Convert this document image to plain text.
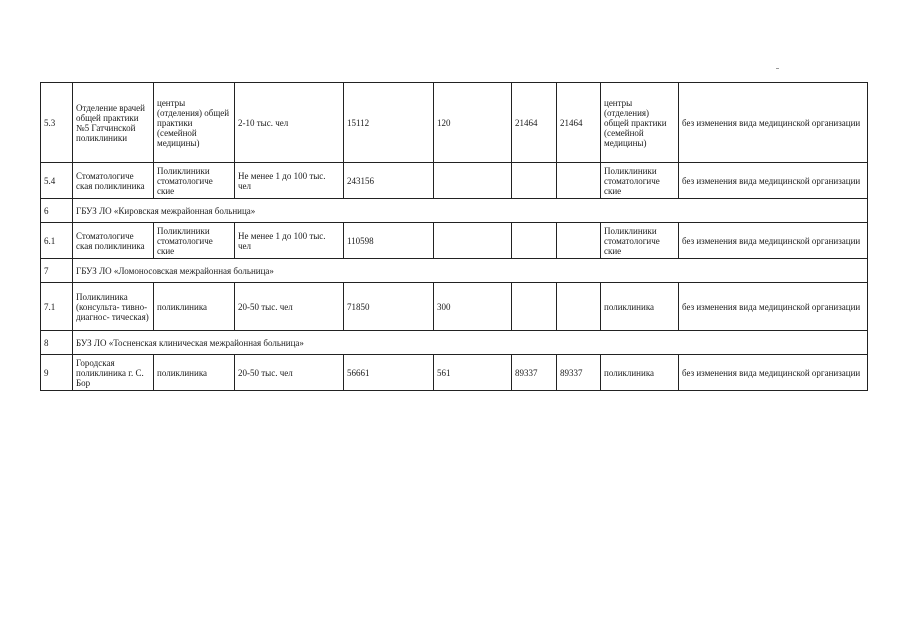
5.3	Отделение врачей общей практики №5 Гатчинской поликлиники	центры (отделения) общей практики (семейной медицины)	2-10 тыс. чел	15112	120	21464	21464	центры (отделения) общей практики (семейной медицины)	без изменения вида медицинской организации
5.4	Стоматологиче ская поликлиника	Поликлиники стоматологиче ские	Не менее 1 до 100 тыс. чел	243156				Поликлиники стоматологиче ские	без изменения вида медицинской организации
6	ГБУЗ ЛО «Кировская межрайонная больница»								
6.1	Стоматологиче ская поликлиника	Поликлиники стоматологиче ские	Не менее 1 до 100 тыс. чел	110598				Поликлиники стоматологиче ские	без изменения вида медицинской организации
7	ГБУЗ ЛО «Ломоносовская межрайонная больница»								
7.1	Поликлиника (консульта- тивно-диагнос- тическая)	поликлиника	20-50 тыс. чел	71850	300			поликлиника	без изменения вида медицинской организации
8	БУЗ ЛО «Тосненская клиническая межрайонная больница»								
9	Городская поликлиника г. С. Бор	поликлиника	20-50 тыс. чел	56661	561	89337	89337	поликлиника	без изменения вида медицинской организации
